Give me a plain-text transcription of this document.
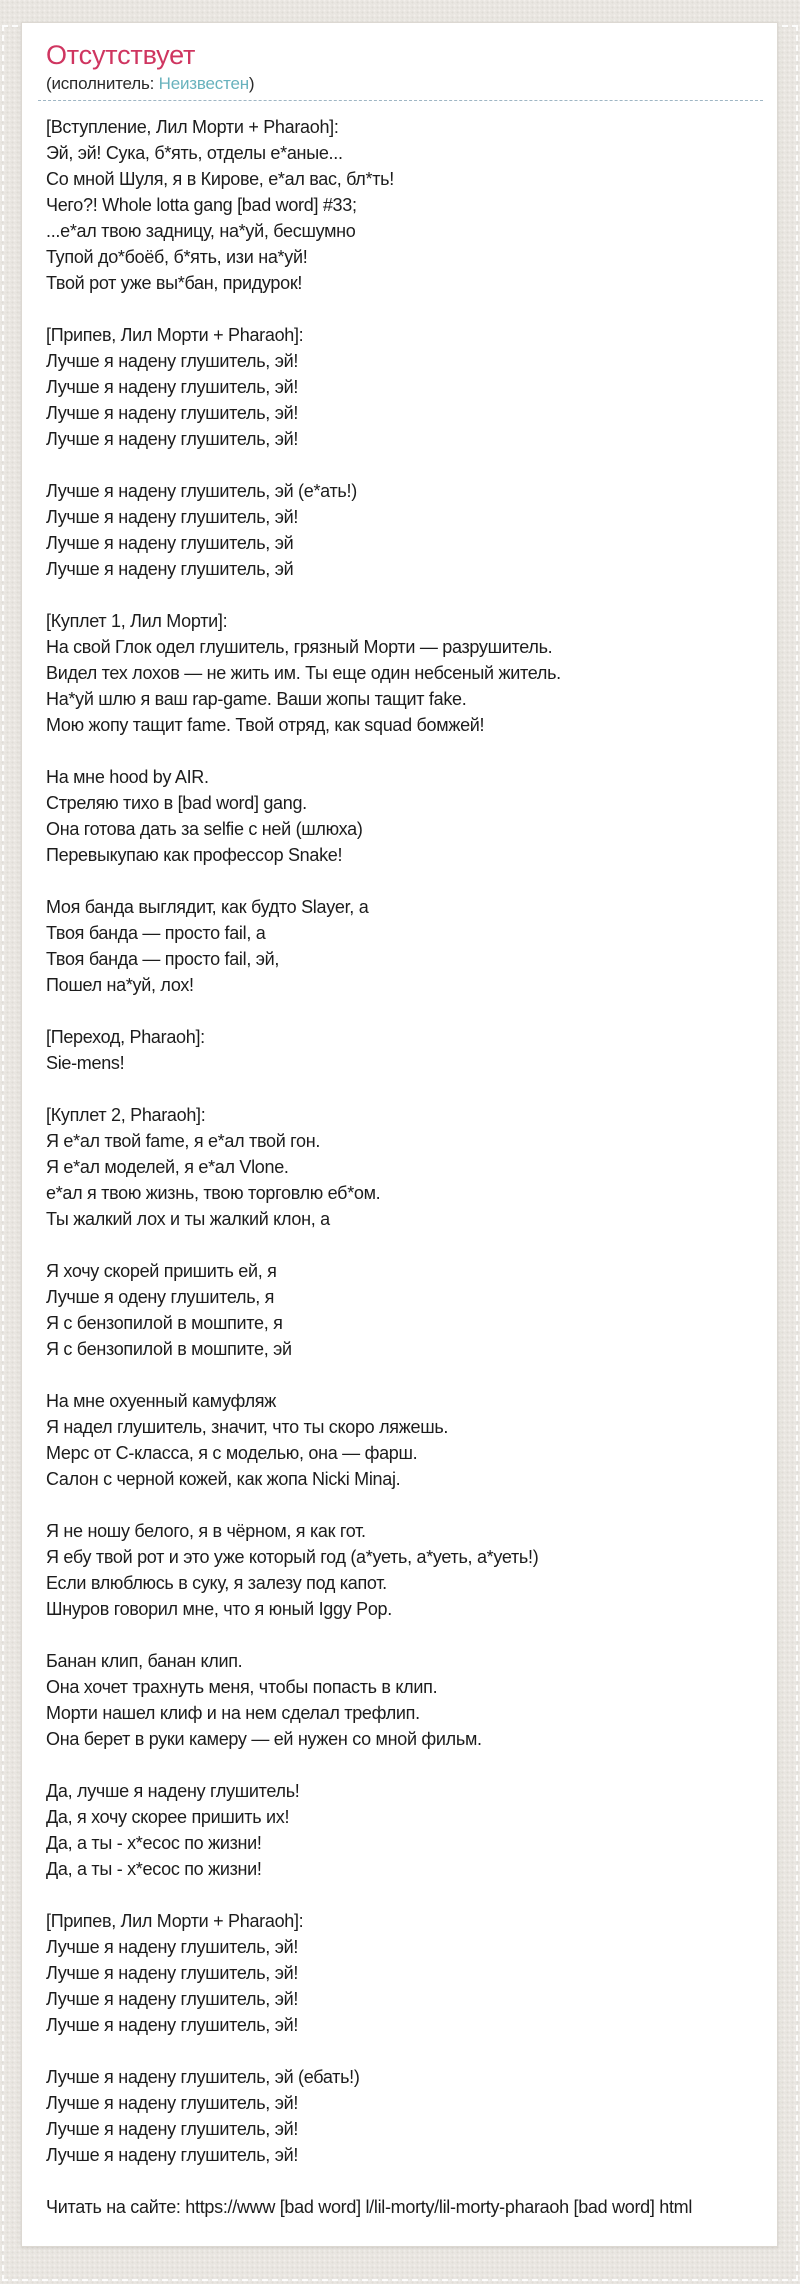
Отсутствует
(исполнитель: Неизвестен)
[Вступление, Лил Морти + Pharaoh]:
Эй, эй! Сука, б*ять, отделы е*аные...
Со мной Шуля, я в Кирове, е*ал вас, бл*ть!
Чего?! Whole lotta gang [bad word] #33;
...е*ал твою задницу, на*уй, бесшумно
Тупой до*боёб, б*ять, изи на*уй!
Твой рот уже вы*бан, придурок!
[Припев, Лил Морти + Pharaoh]:
Лучше я надену глушитель, эй!
Лучше я надену глушитель, эй!
Лучше я надену глушитель, эй!
Лучше я надену глушитель, эй!
Лучше я надену глушитель, эй (е*ать!)
Лучше я надену глушитель, эй!
Лучше я надену глушитель, эй
Лучше я надену глушитель, эй
[Куплет 1, Лил Морти]:
На свой Глок одел глушитель, грязный Морти — разрушитель.
Видел тех лохов — не жить им. Ты еще один небсеный житель.
На*уй шлю я ваш rap-game. Ваши жопы тащит fake.
Мою жопу тащит fame. Твой отряд, как squad бомжей!
На мне hood by AIR.
Стреляю тихо в [bad word] gang.
Она готова дать за selfie с ней (шлюха)
Перевыкупаю как профессор Snake!
Моя банда выглядит, как будто Slayer, а
Твоя банда — просто fail, а
Твоя банда — просто fail, эй,
Пошел на*уй, лох!
[Переход, Pharaoh]:
Sie-mens!
[Куплет 2, Pharaoh]:
Я е*ал твой fame, я е*ал твой гон.
Я е*ал моделей, я е*ал Vlone.
е*ал я твою жизнь, твою торговлю еб*ом.
Ты жалкий лох и ты жалкий клон, а
Я хочу скорей пришить ей, я
Лучше я одену глушитель, я
Я с бензопилой в мошпите, я
Я с бензопилой в мошпите, эй
На мне охуенный камуфляж
Я надел глушитель, значит, что ты скоро ляжешь.
Мерс от С-класса, я с моделью, она — фарш.
Салон с черной кожей, как жопа Nicki Minaj.
Я не ношу белого, я в чёрном, я как гот.
Я ебу твой рот и это уже который год (а*уеть, а*уеть, а*уеть!)
Если влюблюсь в суку, я залезу под капот.
Шнуров говорил мне, что я юный Iggy Pop.
Банан клип, банан клип.
Она хочет трахнуть меня, чтобы попасть в клип.
Морти нашел клиф и на нем сделал трефлип.
Она берет в руки камеру — ей нужен со мной фильм.
Да, лучше я надену глушитель!
Да, я хочу скорее пришить их!
Да, а ты - х*есос по жизни!
Да, а ты - х*есос по жизни!
[Припев, Лил Морти + Pharaoh]:
Лучше я надену глушитель, эй!
Лучше я надену глушитель, эй!
Лучше я надену глушитель, эй!
Лучше я надену глушитель, эй!
Лучше я надену глушитель, эй (ебать!)
Лучше я надену глушитель, эй!
Лучше я надену глушитель, эй!
Лучше я надену глушитель, эй!
Читать на сайте: https://www [bad word] l/lil-morty/lil-morty-pharaoh [bad word] html
